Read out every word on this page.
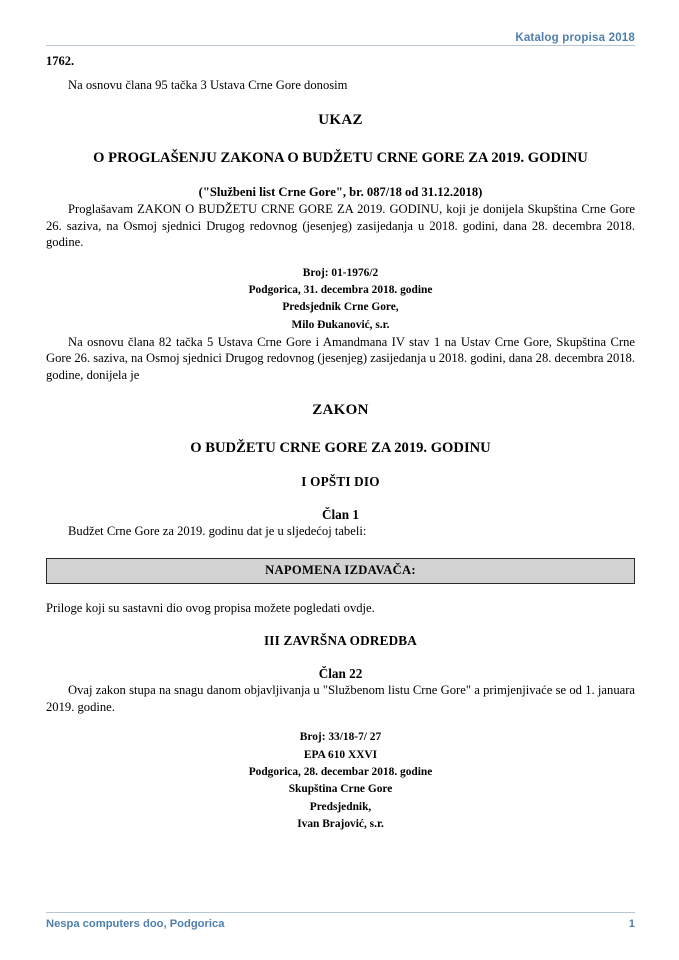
Katalog propisa 2018
1762.

Na osnovu člana 95 tačka 3 Ustava Crne Gore donosim

UKAZ
O PROGLAŠENJU ZAKONA O BUDŽETU CRNE GORE ZA 2019. GODINU
("Službeni list Crne Gore", br. 087/18 od 31.12.2018)

Proglašavam ZAKON O BUDŽETU CRNE GORE ZA 2019. GODINU, koji je donijela Skupština Crne Gore 26. saziva, na Osmoj sjednici Drugog redovnog (jesenjeg) zasijedanja u 2018. godini, dana 28. decembra 2018. godine.

Broj: 01-1976/2
Podgorica, 31. decembra 2018. godine
Predsjednik Crne Gore,
Milo Đukanović, s.r.

Na osnovu člana 82 tačka 5 Ustava Crne Gore i Amandmana IV stav 1 na Ustav Crne Gore, Skupština Crne Gore 26. saziva, na Osmoj sjednici Drugog redovnog (jesenjeg) zasijedanja u 2018. godini, dana 28. decembra 2018. godine, donijela je

ZAKON
O BUDŽETU CRNE GORE ZA 2019. GODINU
I OPŠTI DIO
Član 1

Budžet Crne Gore za 2019. godinu dat je u sljedećoj tabeli:

NAPOMENA IZDAVAČA:

Priloge koji su sastavni dio ovog propisa možete pogledati ovdje.

III ZAVRŠNA ODREDBA
Član 22

Ovaj zakon stupa na snagu danom objavljivanja u "Službenom listu Crne Gore" a primjenjivaće se od 1. januara 2019. godine.

Broj: 33/18-7/ 27
EPA 610 XXVI
Podgorica, 28. decembar 2018. godine
Skupština Crne Gore
Predsjednik,
Ivan Brajović, s.r.
Nespa computers doo, Podgorica	1
